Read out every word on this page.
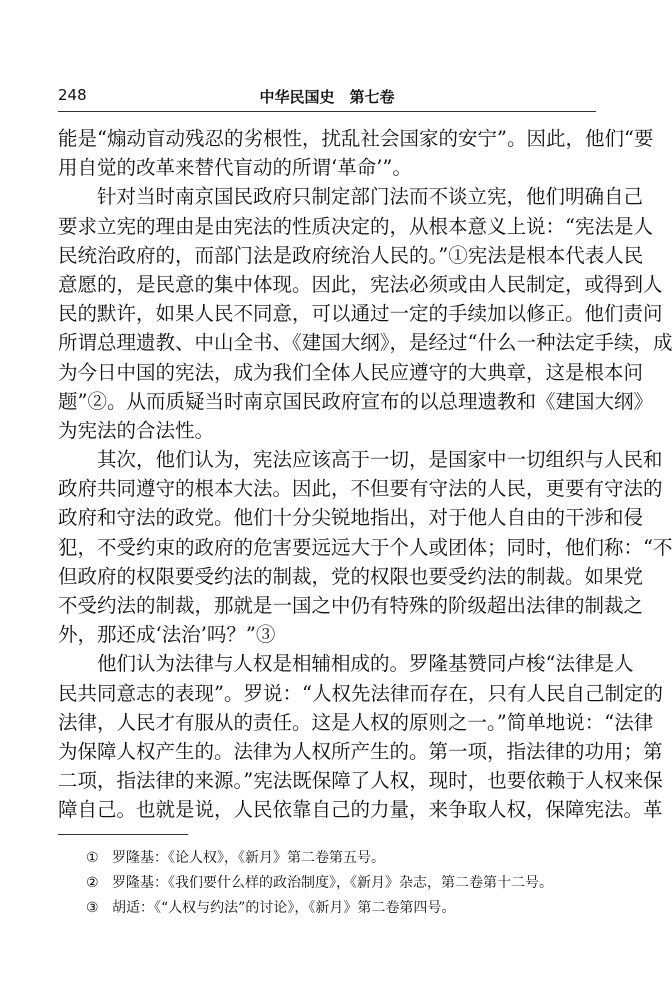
248	中华民国史　第七卷
能是“煽动盲动残忍的劣根性，扰乱社会国家的安宁”。因此，他们“要
用自觉的改革来替代盲动的所谓‘革命’”。
　　针对当时南京国民政府只制定部门法而不谈立宪，他们明确自己
要求立宪的理由是由宪法的性质决定的，从根本意义上说：“宪法是人
民统治政府的，而部门法是政府统治人民的。”①宪法是根本代表人民
意愿的，是民意的集中体现。因此，宪法必须或由人民制定，或得到人
民的默许，如果人民不同意，可以通过一定的手续加以修正。他们责问
所谓总理遗教、中山全书、《建国大纲》，是经过“什么一种法定手续，成
为今日中国的宪法，成为我们全体人民应遵守的大典章，这是根本问
题”②。从而质疑当时南京国民政府宣布的以总理遗教和《建国大纲》
为宪法的合法性。
　　其次，他们认为，宪法应该高于一切，是国家中一切组织与人民和
政府共同遵守的根本大法。因此，不但要有守法的人民，更要有守法的
政府和守法的政党。他们十分尖锐地指出，对于他人自由的干涉和侵
犯，不受约束的政府的危害要远远大于个人或团体；同时，他们称：“不
但政府的权限要受约法的制裁，党的权限也要受约法的制裁。如果党
不受约法的制裁，那就是一国之中仍有特殊的阶级超出法律的制裁之
外，那还成‘法治’吗？”③
　　他们认为法律与人权是相辅相成的。罗隆基赞同卢梭“法律是人
民共同意志的表现”。罗说：“人权先法律而存在，只有人民自己制定的
法律，人民才有服从的责任。这是人权的原则之一。”简单地说：“法律
为保障人权产生的。法律为人权所产生的。第一项，指法律的功用；第
二项，指法律的来源。”宪法既保障了人权，现时，也要依赖于人权来保
障自己。也就是说，人民依靠自己的力量，来争取人权，保障宪法。革
① 罗隆基：《论人权》，《新月》第二卷第五号。
② 罗隆基：《我们要什么样的政治制度》，《新月》杂志，第二卷第十二号。
③ 胡适：《“人权与约法”的讨论》，《新月》第二卷第四号。
